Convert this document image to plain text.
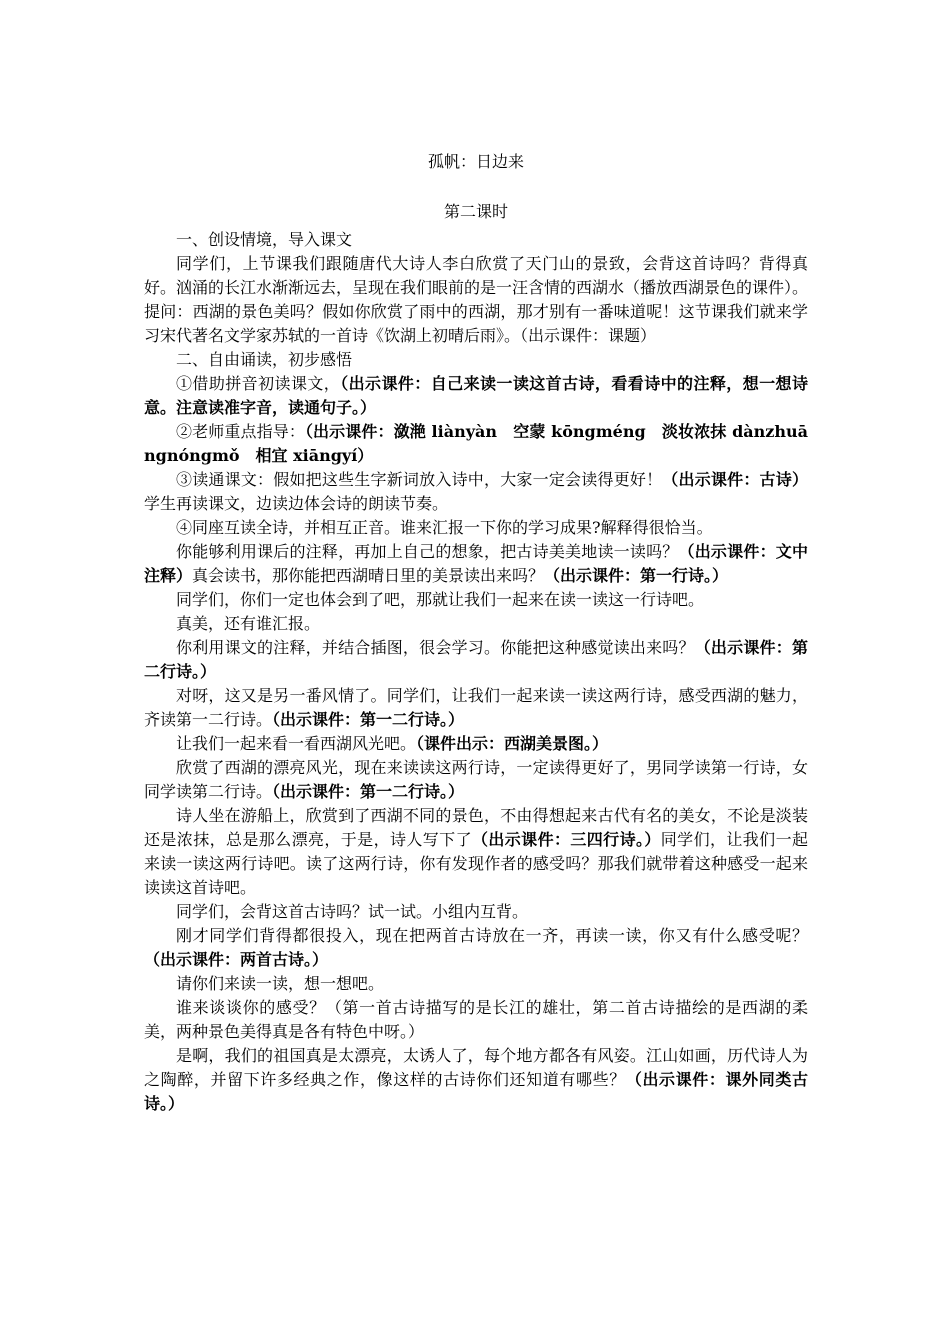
孤帆：日边来
第二课时

一、创设情境，导入课文

同学们，上节课我们跟随唐代大诗人李白欣赏了天门山的景致，会背这首诗吗？背得真好。汹涌的长江水渐渐远去，呈现在我们眼前的是一汪含情的西湖水（播放西湖景色的课件）。提问：西湖的景色美吗？假如你欣赏了雨中的西湖，那才别有一番味道呢！这节课我们就来学习宋代著名文学家苏轼的一首诗《饮湖上初晴后雨》。（出示课件：课题）

二、自由诵读，初步感悟

①借助拼音初读课文，（出示课件：自己来读一读这首古诗，看看诗中的注释，想一想诗意。注意读准字音，读通句子。）

②老师重点指导：（出示课件：潋滟 liànyàn　空蒙 kōngméng　淡妆浓抹 dànzhuāngnóngmǒ　相宜 xiāngyí）

③读通课文：假如把这些生字新词放入诗中，大家一定会读得更好！（出示课件：古诗）学生再读课文，边读边体会诗的朗读节奏。

④同座互读全诗，并相互正音。谁来汇报一下你的学习成果?解释得很恰当。

你能够利用课后的注释，再加上自己的想象，把古诗美美地读一读吗？（出示课件：文中注释）真会读书，那你能把西湖晴日里的美景读出来吗？（出示课件：第一行诗。）

同学们，你们一定也体会到了吧，那就让我们一起来在读一读这一行诗吧。

真美，还有谁汇报。

你利用课文的注释，并结合插图，很会学习。你能把这种感觉读出来吗？（出示课件：第二行诗。）

对呀，这又是另一番风情了。同学们，让我们一起来读一读这两行诗，感受西湖的魅力，齐读第一二行诗。（出示课件：第一二行诗。）

让我们一起来看一看西湖风光吧。（课件出示：西湖美景图。）

欣赏了西湖的漂亮风光，现在来读读这两行诗，一定读得更好了，男同学读第一行诗，女同学读第二行诗。（出示课件：第一二行诗。）

诗人坐在游船上，欣赏到了西湖不同的景色，不由得想起来古代有名的美女，不论是淡装还是浓抹，总是那么漂亮，于是，诗人写下了（出示课件：三四行诗。）同学们，让我们一起来读一读这两行诗吧。读了这两行诗，你有发现作者的感受吗？那我们就带着这种感受一起来读读这首诗吧。

同学们，会背这首古诗吗？试一试。小组内互背。

刚才同学们背得都很投入，现在把两首古诗放在一齐，再读一读，你又有什么感受呢？（出示课件：两首古诗。）

请你们来读一读，想一想吧。

谁来谈谈你的感受？（第一首古诗描写的是长江的雄壮，第二首古诗描绘的是西湖的柔美，两种景色美得真是各有特色中呀。）

是啊，我们的祖国真是太漂亮，太诱人了，每个地方都各有风姿。江山如画，历代诗人为之陶醉，并留下许多经典之作，像这样的古诗你们还知道有哪些？（出示课件：课外同类古诗。）
